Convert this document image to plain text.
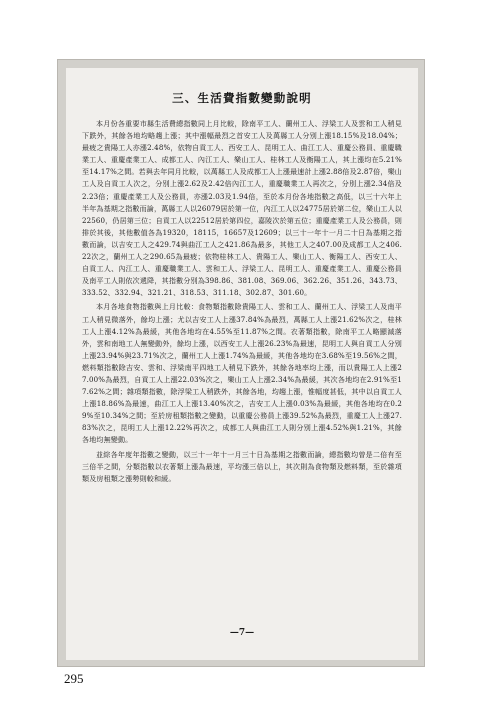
三、生活費指數變動說明

本月份各重要市縣生活費總指數同上月比較，除南平工人、蘭州工人、浮梁工人及雲和工人稍見下跌外，其餘各地均略趨上漲；其中漲幅最烈之首安工人及萬縣工人分別上漲18.15%及18.04%；最疲之貴陽工人亦漲2.48%，依物自貢工人、西安工人、昆明工人、曲江工人、重慶公務員、重慶職業工人、重慶產業工人、成都工人、內江工人、樂山工人、桂林工人及衡陽工人，其上漲均在5.21%至14.17%之間。若與去年同月比較，以萬縣工人及成都工人上漲最速計上漲2.88倍及2.87倍，樂山工人及自貢工人次之，分別上漲2.62及2.42倍內江工人，重慶職業工人再次之，分別上漲2.34倍及2.23倍；重慶產業工人及公務員，亦漲2.03及1.94倍，至於本月份各地指數之高低，以三十六年上半年為基期之指數而論，萬縣工人以26079居於第一位，內江工人以24775居於第二位，樂山工人以22560，仍居第三位；自貢工人以22512居於第四位，嘉陵次於第五位；重慶產業工人及公務員，則排於其後，其他數值各為19320，18115，16657及12609；以三十一年十一月二十日為基期之指數而論，以吉安工人之429.74與曲江工人之421.86為最多，其他工人之407.00及成都工人之406.22次之，蘭州工人之290.65為最疲；依物桂林工人、貴陽工人、樂山工人、衡陽工人、西安工人、自貢工人、內江工人、重慶職業工人、雲和工人、浮梁工人、昆明工人、重慶產業工人、重慶公務員及南平工人則依次遞降，其指數分別為398.86、381.08、369.06、362.26、351.26、343.73、333.52、332.94、321.21、318.53、311.18、302.87、301.60。

本月各地食物指數與上月比較：食物類指數除貴陽工人、雲和工人、蘭州工人、浮梁工人及南平工人稍見微落外，餘均上漲；尤以吉安工人上漲37.84%為最烈，萬縣工人上漲21.62%次之，桂林工人上漲4.12%為最緩，其他各地均在4.55%至11.87%之間。衣著類指數，除南平工人略顯減落外，雲和南地工人無變動外，餘均上漲，以西安工人上漲26.23%為最速，昆明工人與自貢工人分別上漲23.94%與23.71%次之，蘭州工人上漲1.74%為最緩，其他各地均在3.68%至19.56%之間，燃料類指數除吉安、雲和、浮梁南平四地工人稍見下跌外，其餘各地率均上漲，而以貴陽工人上漲27.00%為最烈，自貢工人上漲22.03%次之，樂山工人上漲2.34%為最緩，其次各地均在2.91%至17.62%之間；雜項類指數，除浮梁工人稍跌外，其餘各地，均趨上漲，惟幅度甚低，其中以自貢工人上漲18.86%為最速，曲江工人上漲13.40%次之，吉安工人上漲0.03%為最緩，其他各地均在0.29%至10.34%之間；至於房租類指數之變動，以重慶公務員上漲39.52%為最烈，重慶工人上漲27.83%次之，昆明工人上漲12.22%再次之，成都工人與曲江工人則分別上漲4.52%與1.21%，其餘各地均無變動。

並綜各年度年指數之變動，以三十一年十一月三十日為基期之指數而論，總指數均曾是二倍有至三倍半之間，分類指數以衣著類上漲為最速，平均漲三倍以上，其次則為食物類及燃料類，至於雜項類及房租類之漲勢則較和緩。

—7—
295
